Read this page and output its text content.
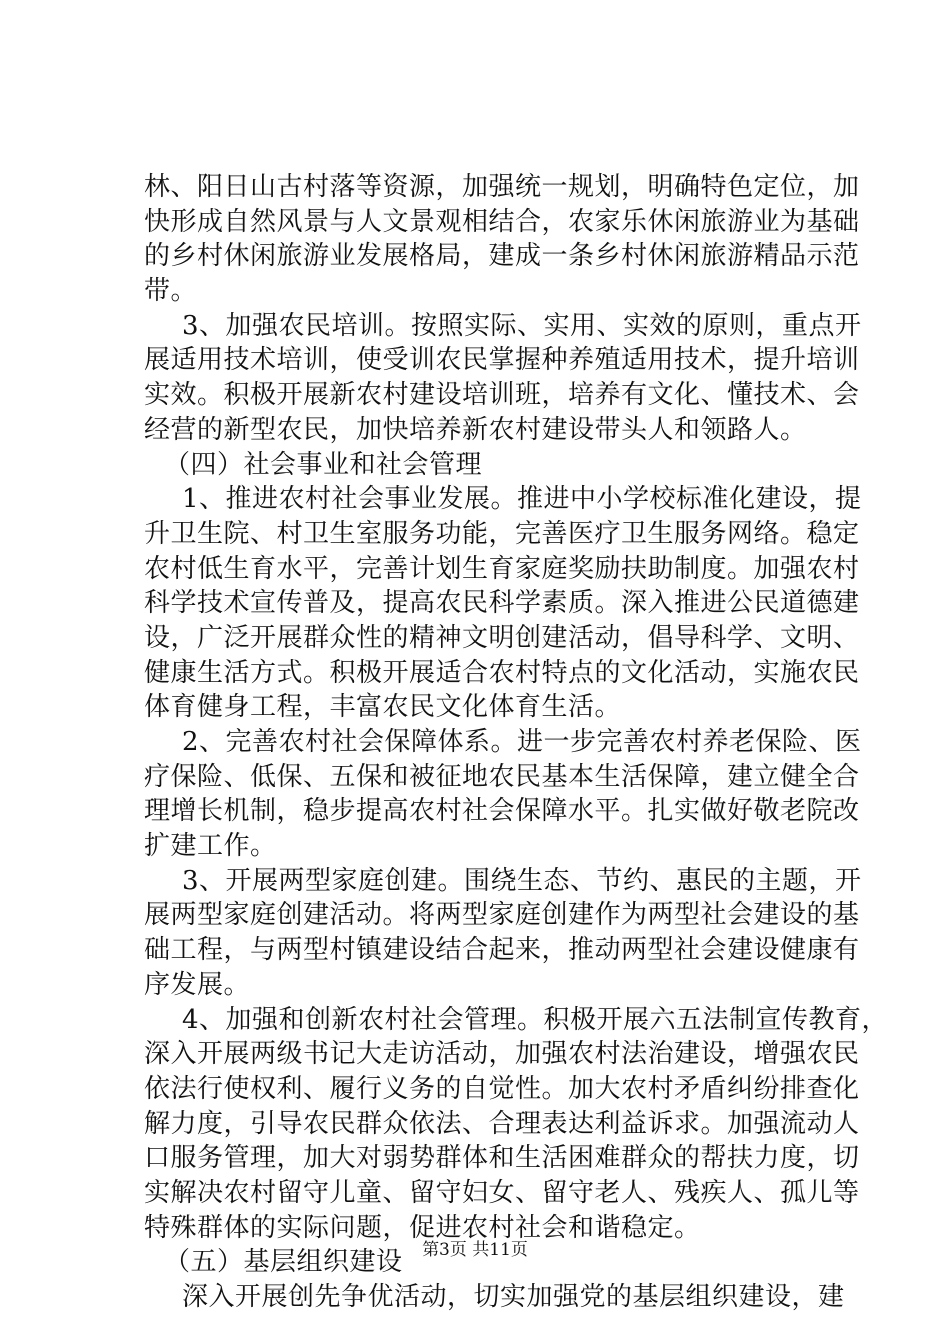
林、阳日山古村落等资源，加强统一规划，明确特色定位，加
快形成自然风景与人文景观相结合，农家乐休闲旅游业为基础
的乡村休闲旅游业发展格局，建成一条乡村休闲旅游精品示范
带。
3、加强农民培训。按照实际、实用、实效的原则，重点开
展适用技术培训，使受训农民掌握种养殖适用技术，提升培训
实效。积极开展新农村建设培训班，培养有文化、懂技术、会
经营的新型农民，加快培养新农村建设带头人和领路人。
（四）社会事业和社会管理
1、推进农村社会事业发展。推进中小学校标准化建设，提
升卫生院、村卫生室服务功能，完善医疗卫生服务网络。稳定
农村低生育水平，完善计划生育家庭奖励扶助制度。加强农村
科学技术宣传普及，提高农民科学素质。深入推进公民道德建
设，广泛开展群众性的精神文明创建活动，倡导科学、文明、
健康生活方式。积极开展适合农村特点的文化活动，实施农民
体育健身工程，丰富农民文化体育生活。
2、完善农村社会保障体系。进一步完善农村养老保险、医
疗保险、低保、五保和被征地农民基本生活保障，建立健全合
理增长机制，稳步提高农村社会保障水平。扎实做好敬老院改
扩建工作。
3、开展两型家庭创建。围绕生态、节约、惠民的主题，开
展两型家庭创建活动。将两型家庭创建作为两型社会建设的基
础工程，与两型村镇建设结合起来，推动两型社会建设健康有
序发展。
4、加强和创新农村社会管理。积极开展六五法制宣传教育，
深入开展两级书记大走访活动，加强农村法治建设，增强农民
依法行使权利、履行义务的自觉性。加大农村矛盾纠纷排查化
解力度，引导农民群众依法、合理表达利益诉求。加强流动人
口服务管理，加大对弱势群体和生活困难群众的帮扶力度，切
实解决农村留守儿童、留守妇女、留守老人、残疾人、孤儿等
特殊群体的实际问题，促进农村社会和谐稳定。
（五）基层组织建设
深入开展创先争优活动，切实加强党的基层组织建设，建
第3页 共11页
